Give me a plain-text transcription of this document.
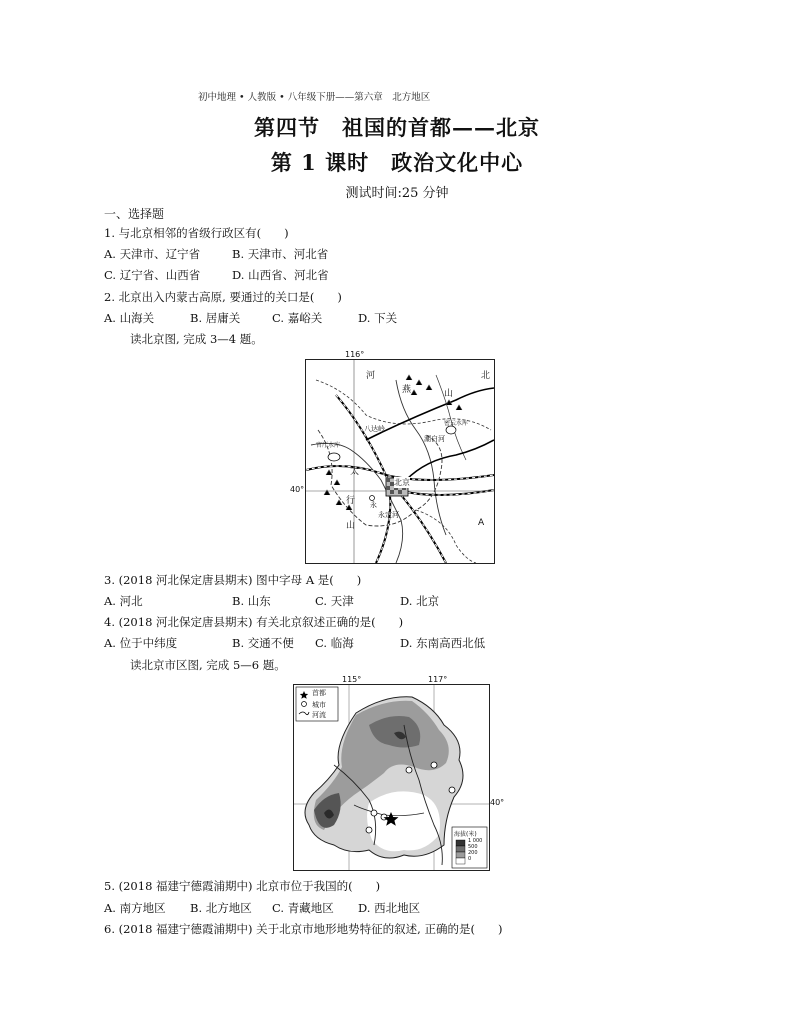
初中地理 • 人教版 • 八年级下册——第六章　北方地区
第四节　祖国的首都——北京
第 1 课时　政治文化中心
测试时间:25 分钟
一、选择题
1. 与北京相邻的省级行政区有(　　)
A. 天津市、辽宁省	B. 天津市、河北省
C. 辽宁省、山西省	D. 山西省、河北省
2. 北京出入内蒙古高原, 要通过的关口是(　　)
A. 山海关	B. 居庸关	C. 嘉峪关	D. 下关
读北京图, 完成 3—4 题。
116°
40°
河	北
燕	山
八达岭
密云水库
官厅水库
潮白河
太
北京
行 永
永定河
山	A
3. (2018 河北保定唐县期末) 图中字母 A 是(　　)
A. 河北	B. 山东	C. 天津	D. 北京
4. (2018 河北保定唐县期末) 有关北京叙述正确的是(　　)
A. 位于中纬度	B. 交通不便 C. 临海	D. 东南高西北低
读北京市区图, 完成 5—6 题。
115°	117°
40°
首都
城市
河流
海拔(米)
1 000
500
200
0
5. (2018 福建宁德霞浦期中) 北京市位于我国的(　　)
A. 南方地区 B. 北方地区 C. 青藏地区 D. 西北地区
6. (2018 福建宁德霞浦期中) 关于北京市地形地势特征的叙述, 正确的是(　　)
